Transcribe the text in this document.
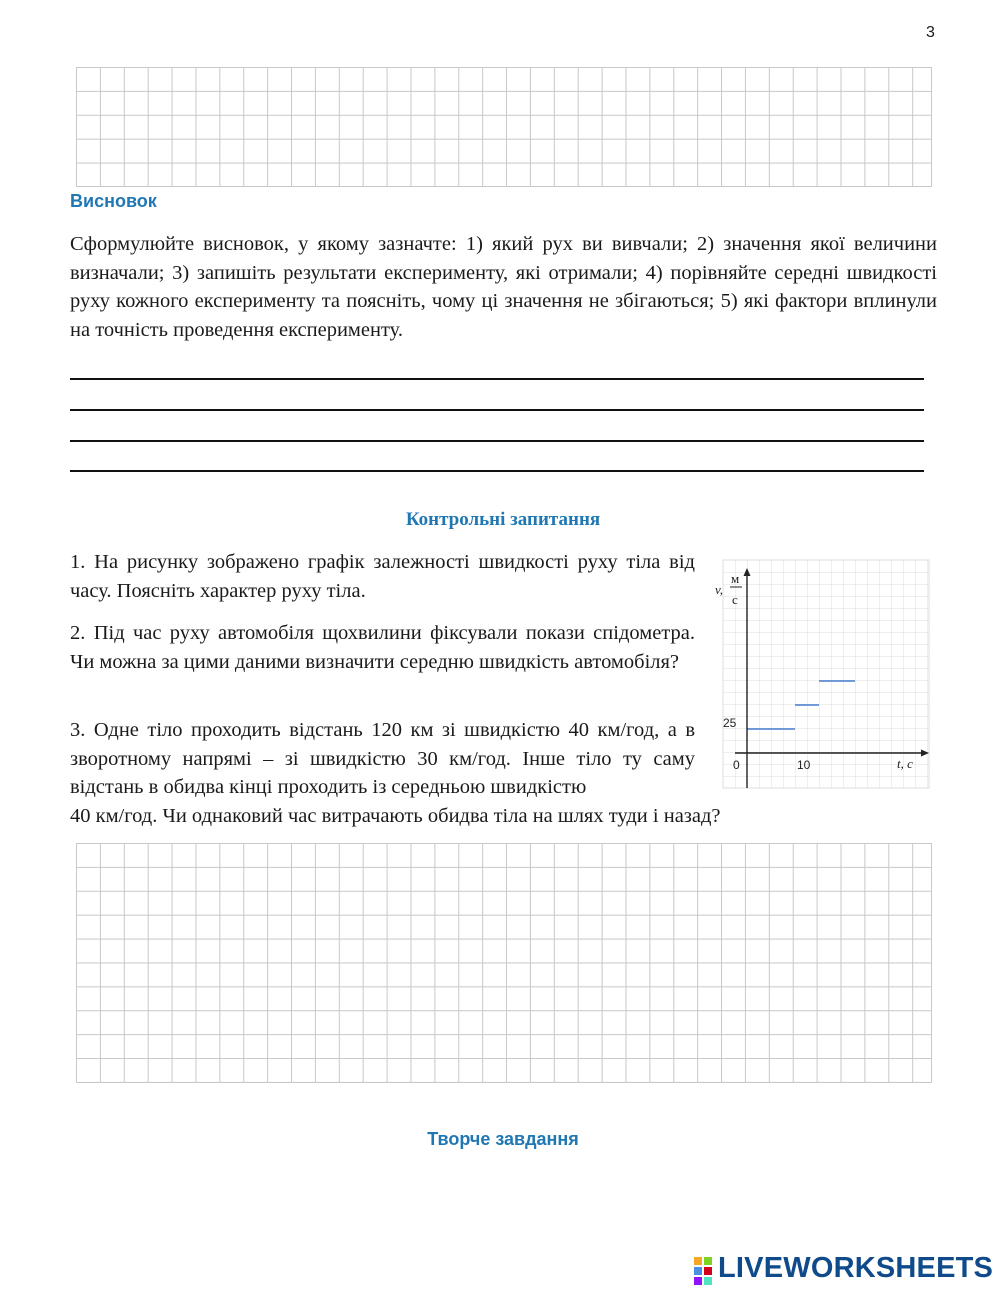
3
Висновок
Сформулюйте висновок, у якому зазначте: 1) який рух ви вивчали; 2) значення якої величини визначали; 3) запишіть результати експерименту, які отримали; 4) порівняйте середні швидкості руху кожного експерименту та поясніть, чому ці значення не збігаються; 5) які фактори вплинули на точність проведення експерименту.
Контрольні запитання
1. На рисунку зображено графік залежності швидкості руху тіла від часу. Поясніть характер руху тіла.
2. Під час руху автомобіля щохвилини фіксували покази спідометра. Чи можна за цими даними визначити середню швидкість автомобіля?
3. Одне тіло проходить відстань 120 км зі швидкістю 40 км/год, а в зворотному напрямі – зі швидкістю 30 км/год. Інше тіло ту саму відстань в обидва кінці проходить із середньою швидкістю
40 км/год. Чи однаковий час витрачають обидва тіла на шлях туди і назад?
v,
м
с
0	10
25
t, c
Творче завдання
LIVEWORKSHEETS
